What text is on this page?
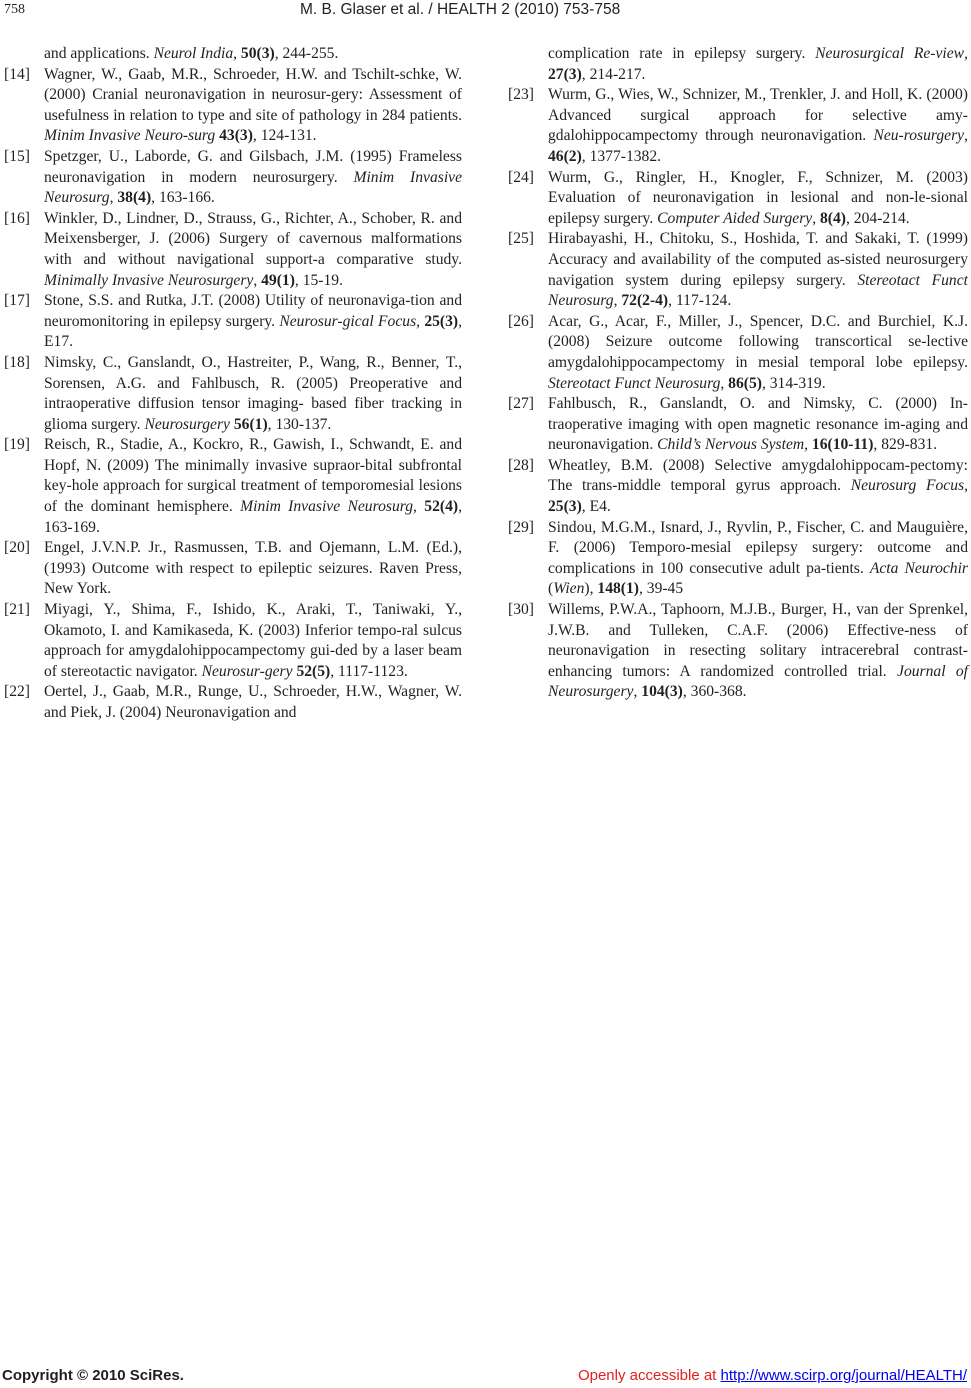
758	M. B. Glaser et al. / HEALTH 2 (2010) 753-758
and applications. Neurol India, 50(3), 244-255.
[14] Wagner, W., Gaab, M.R., Schroeder, H.W. and Tschilt-schke, W. (2000) Cranial neuronavigation in neurosur-gery: Assessment of usefulness in relation to type and site of pathology in 284 patients. Minim Invasive Neuro-surg 43(3), 124-131.
[15] Spetzger, U., Laborde, G. and Gilsbach, J.M. (1995) Frameless neuronavigation in modern neurosurgery. Minim Invasive Neurosurg, 38(4), 163-166.
[16] Winkler, D., Lindner, D., Strauss, G., Richter, A., Schober, R. and Meixensberger, J. (2006) Surgery of cavernous malformations with and without navigational support-a comparative study. Minimally Invasive Neurosurgery, 49(1), 15-19.
[17] Stone, S.S. and Rutka, J.T. (2008) Utility of neuronaviga-tion and neuromonitoring in epilepsy surgery. Neurosur-gical Focus, 25(3), E17.
[18] Nimsky, C., Ganslandt, O., Hastreiter, P., Wang, R., Benner, T., Sorensen, A.G. and Fahlbusch, R. (2005) Preoperative and intraoperative diffusion tensor imaging- based fiber tracking in glioma surgery. Neurosurgery 56(1), 130-137.
[19] Reisch, R., Stadie, A., Kockro, R., Gawish, I., Schwandt, E. and Hopf, N. (2009) The minimally invasive supraor-bital subfrontal key-hole approach for surgical treatment of temporomesial lesions of the dominant hemisphere. Minim Invasive Neurosurg, 52(4), 163-169.
[20] Engel, J.V.N.P. Jr., Rasmussen, T.B. and Ojemann, L.M. (Ed.), (1993) Outcome with respect to epileptic seizures. Raven Press, New York.
[21] Miyagi, Y., Shima, F., Ishido, K., Araki, T., Taniwaki, Y., Okamoto, I. and Kamikaseda, K. (2003) Inferior tempo-ral sulcus approach for amygdalohippocampectomy gui-ded by a laser beam of stereotactic navigator. Neurosur-gery 52(5), 1117-1123.
[22] Oertel, J., Gaab, M.R., Runge, U., Schroeder, H.W., Wagner, W. and Piek, J. (2004) Neuronavigation and
complication rate in epilepsy surgery. Neurosurgical Re-view, 27(3), 214-217.
[23] Wurm, G., Wies, W., Schnizer, M., Trenkler, J. and Holl, K. (2000) Advanced surgical approach for selective amy-gdalohippocampectomy through neuronavigation. Neu-rosurgery, 46(2), 1377-1382.
[24] Wurm, G., Ringler, H., Knogler, F., Schnizer, M. (2003) Evaluation of neuronavigation in lesional and non-le-sional epilepsy surgery. Computer Aided Surgery, 8(4), 204-214.
[25] Hirabayashi, H., Chitoku, S., Hoshida, T. and Sakaki, T. (1999) Accuracy and availability of the computed as-sisted neurosurgery navigation system during epilepsy surgery. Stereotact Funct Neurosurg, 72(2-4), 117-124.
[26] Acar, G., Acar, F., Miller, J., Spencer, D.C. and Burchiel, K.J. (2008) Seizure outcome following transcortical se-lective amygdalohippocampectomy in mesial temporal lobe epilepsy. Stereotact Funct Neurosurg, 86(5), 314-319.
[27] Fahlbusch, R., Ganslandt, O. and Nimsky, C. (2000) In-traoperative imaging with open magnetic resonance im-aging and neuronavigation. Child’s Nervous System, 16(10-11), 829-831.
[28] Wheatley, B.M. (2008) Selective amygdalohippocam-pectomy: The trans-middle temporal gyrus approach. Neurosurg Focus, 25(3), E4.
[29] Sindou, M.G.M., Isnard, J., Ryvlin, P., Fischer, C. and Mauguière, F. (2006) Temporo-mesial epilepsy surgery: outcome and complications in 100 consecutive adult pa-tients. Acta Neurochir (Wien), 148(1), 39-45
[30] Willems, P.W.A., Taphoorn, M.J.B., Burger, H., van der Sprenkel, J.W.B. and Tulleken, C.A.F. (2006) Effective-ness of neuronavigation in resecting solitary intracerebral contrast-enhancing tumors: A randomized controlled trial. Journal of Neurosurgery, 104(3), 360-368.
Copyright © 2010 SciRes.	Openly accessible at http://www.scirp.org/journal/HEALTH/
